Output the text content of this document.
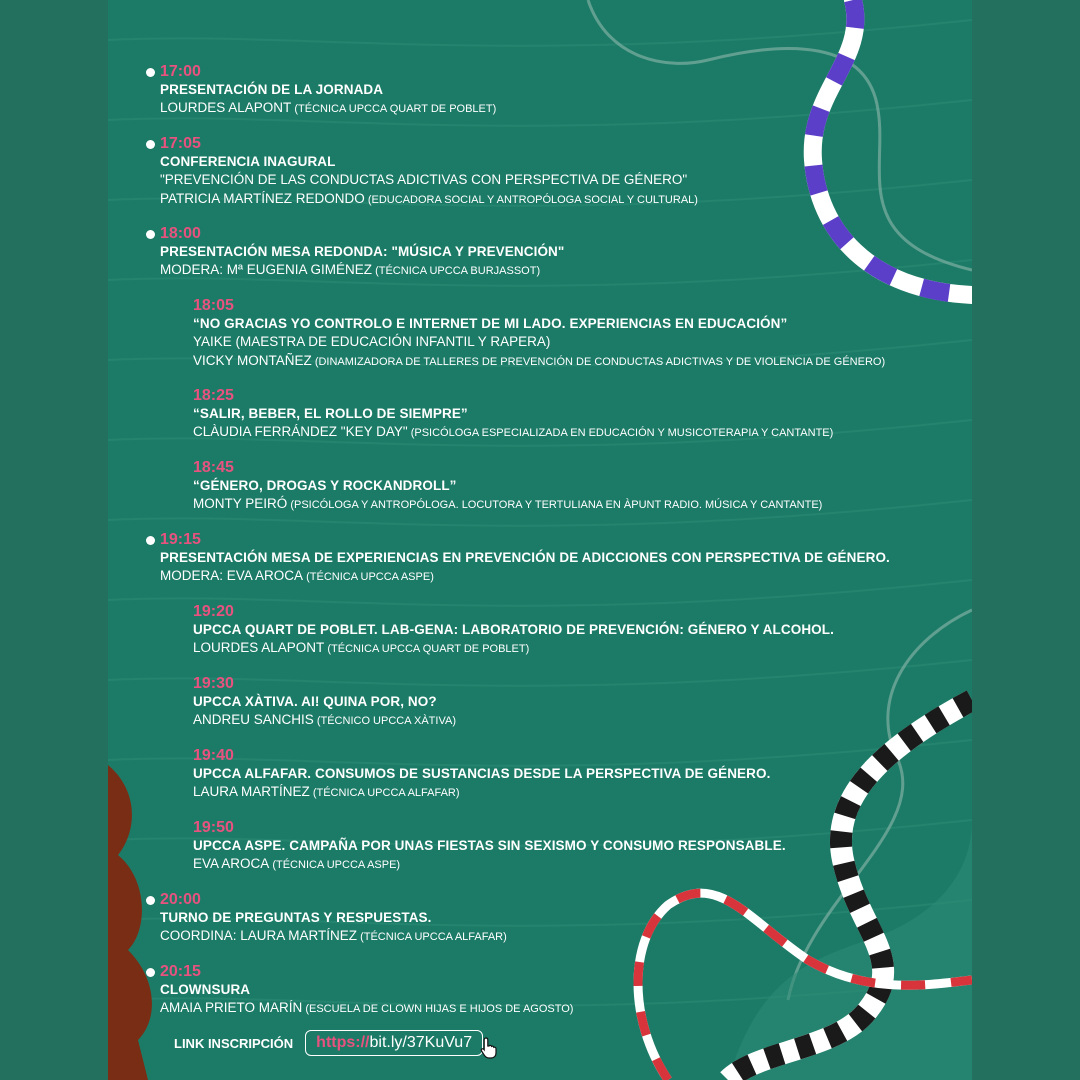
17:00
PRESENTACIÓN DE LA JORNADA
LOURDES ALAPONT (TÉCNICA UPCCA QUART DE POBLET)
17:05
CONFERENCIA INAGURAL
"PREVENCIÓN DE LAS CONDUCTAS ADICTIVAS CON PERSPECTIVA DE GÉNERO"
PATRICIA MARTÍNEZ REDONDO (EDUCADORA SOCIAL Y ANTROPÓLOGA SOCIAL Y CULTURAL)
18:00
PRESENTACIÓN MESA REDONDA: "MÚSICA Y PREVENCIÓN"
MODERA: Mª EUGENIA GIMÉNEZ (TÉCNICA UPCCA BURJASSOT)
18:05
“NO GRACIAS YO CONTROLO E INTERNET DE MI LADO. EXPERIENCIAS EN EDUCACIÓN”
YAIKE (MAESTRA DE EDUCACIÓN INFANTIL Y RAPERA)
VICKY MONTAÑEZ (DINAMIZADORA DE TALLERES DE PREVENCIÓN DE CONDUCTAS ADICTIVAS Y DE VIOLENCIA DE GÉNERO)
18:25
“SALIR, BEBER, EL ROLLO DE SIEMPRE”
CLÀUDIA FERRÁNDEZ "KEY DAY" (PSICÓLOGA ESPECIALIZADA EN EDUCACIÓN Y MUSICOTERAPIA Y CANTANTE)
18:45
“GÉNERO, DROGAS Y ROCKANDROLL”
MONTY PEIRÓ (PSICÓLOGA Y ANTROPÓLOGA. LOCUTORA Y TERTULIANA EN ÀPUNT RADIO. MÚSICA Y CANTANTE)
19:15
PRESENTACIÓN MESA DE EXPERIENCIAS EN PREVENCIÓN DE ADICCIONES CON PERSPECTIVA DE GÉNERO.
MODERA: EVA AROCA (TÉCNICA UPCCA ASPE)
19:20
UPCCA QUART DE POBLET. LAB-GENA: LABORATORIO DE PREVENCIÓN: GÉNERO Y ALCOHOL.
LOURDES ALAPONT (TÉCNICA UPCCA QUART DE POBLET)
19:30
UPCCA XÀTIVA. AI! QUINA POR, NO?
ANDREU SANCHIS (TÉCNICO UPCCA XÀTIVA)
19:40
UPCCA ALFAFAR. CONSUMOS DE SUSTANCIAS DESDE LA PERSPECTIVA DE GÉNERO.
LAURA MARTÍNEZ (TÉCNICA UPCCA ALFAFAR)
19:50
UPCCA ASPE. CAMPAÑA POR UNAS FIESTAS SIN SEXISMO Y CONSUMO RESPONSABLE.
EVA AROCA (TÉCNICA UPCCA ASPE)
20:00
TURNO DE PREGUNTAS Y RESPUESTAS.
COORDINA: LAURA MARTÍNEZ (TÉCNICA UPCCA ALFAFAR)
20:15
CLOWNSURA
AMAIA PRIETO MARÍN (ESCUELA DE CLOWN HIJAS E HIJOS DE AGOSTO)
LINK INSCRIPCIÓN	https://bit.ly/37KuVu7
